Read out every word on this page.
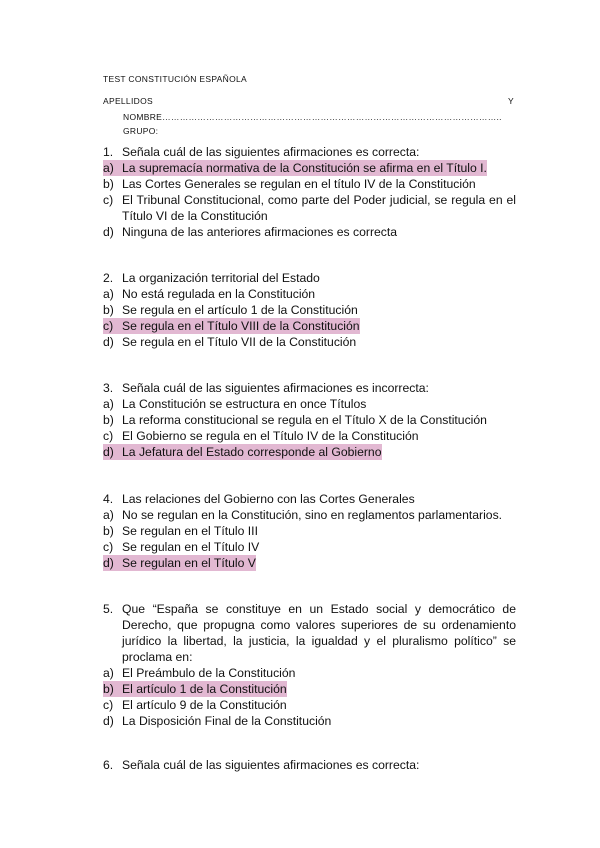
TEST CONSTITUCIÓN ESPAÑOLA
APELLIDOS	Y
NOMBRE……………………………………………………………………………………………………..
GRUPO:
1. Señala cuál de las siguientes afirmaciones es correcta:
a) La supremacía normativa de la Constitución se afirma en el Título I.
b) Las Cortes Generales se regulan en el título IV de la Constitución
c) El Tribunal Constitucional, como parte del Poder judicial, se regula en el Título VI de la Constitución
d) Ninguna de las anteriores afirmaciones es correcta
2. La organización territorial del Estado
a) No está regulada en la Constitución
b) Se regula en el artículo 1 de la Constitución
c) Se regula en el Título VIII de la Constitución
d) Se regula en el Título VII de la Constitución
3. Señala cuál de las siguientes afirmaciones es incorrecta:
a) La Constitución se estructura en once Títulos
b) La reforma constitucional se regula en el Título X de la Constitución
c) El Gobierno se regula en el Título IV de la Constitución
d) La Jefatura del Estado corresponde al Gobierno
4. Las relaciones del Gobierno con las Cortes Generales
a) No se regulan en la Constitución, sino en reglamentos parlamentarios.
b) Se regulan en el Título III
c) Se regulan en el Título IV
d) Se regulan en el Título V
5. Que “España se constituye en un Estado social y democrático de Derecho, que propugna como valores superiores de su ordenamiento jurídico la libertad, la justicia, la igualdad y el pluralismo político” se proclama en:
a) El Preámbulo de la Constitución
b) El artículo 1 de la Constitución
c) El artículo 9 de la Constitución
d) La Disposición Final de la Constitución
6. Señala cuál de las siguientes afirmaciones es correcta:
